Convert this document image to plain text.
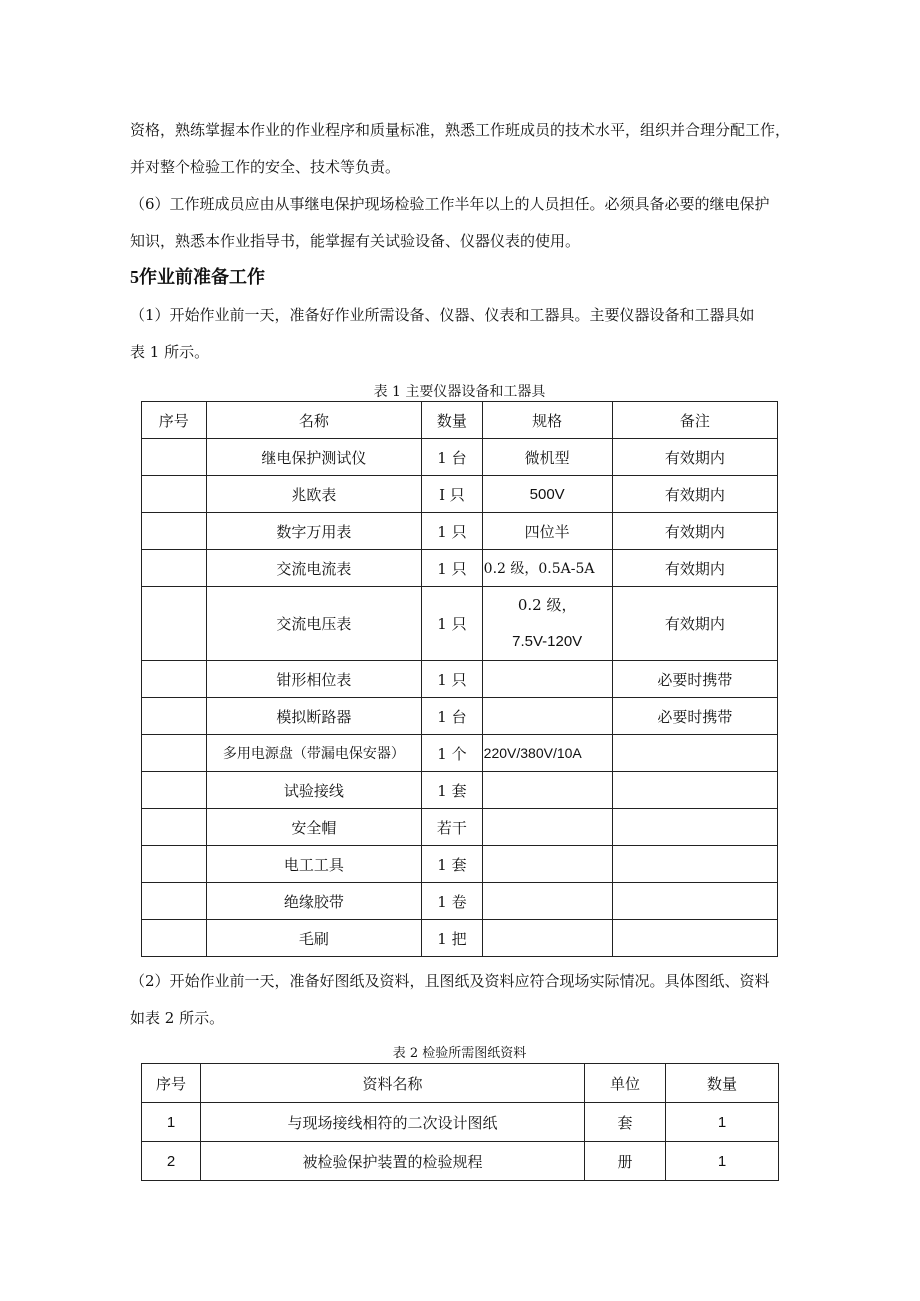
资格，熟练掌握本作业的作业程序和质量标准，熟悉工作班成员的技术水平，组织并合理分配工作，
并对整个检验工作的安全、技术等负责。

（6）工作班成员应由从事继电保护现场检验工作半年以上的人员担任。必须具备必要的继电保护
知识，熟悉本作业指导书，能掌握有关试验设备、仪器仪表的使用。

5作业前准备工作

（1）开始作业前一天，准备好作业所需设备、仪器、仪表和工器具。主要仪器设备和工器具如
表 1 所示。

表 1 主要仪器设备和工器具
序号	名称	数量	规格	备注
	继电保护测试仪	1 台	微机型	有效期内
	兆欧表	I 只	500V	有效期内
	数字万用表	1 只	四位半	有效期内
	交流电流表	1 只	0.2 级，0.5A-5A	有效期内
	交流电压表	1 只	0.2 级，
7.5V-120V	有效期内
	钳形相位表	1 只		必要时携带
	模拟断路器	1 台		必要时携带
	多用电源盘（带漏电保安器）	1 个	220V/380V/10A	
	试验接线	1 套		
	安全帽	若干		
	电工工具	1 套		
	绝缘胶带	1 卷		
	毛刷	1 把		

（2）开始作业前一天，准备好图纸及资料，且图纸及资料应符合现场实际情况。具体图纸、资料
如表 2 所示。

表 2 检验所需图纸资料
序号	资料名称	单位	数量
1	与现场接线相符的二次设计图纸	套	1
2	被检验保护装置的检验规程	册	1
